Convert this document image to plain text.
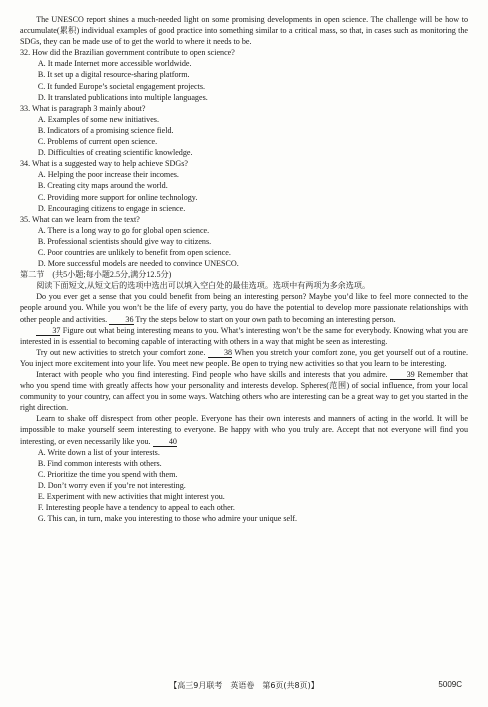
The UNESCO report shines a much-needed light on some promising developments in open science. The challenge will be how to accumulate(累积) individual examples of good practice into something similar to a critical mass, so that, in cases such as monitoring the SDGs, they can be made use of to get the world to where it needs to be.

32. How did the Brazilian government contribute to open science?

A. It made Internet more accessible worldwide.

B. It set up a digital resource-sharing platform.

C. It funded Europe’s societal engagement projects.

D. It translated publications into multiple languages.

33. What is paragraph 3 mainly about?

A. Examples of some new initiatives.

B. Indicators of a promising science field.

C. Problems of current open science.

D. Difficulties of creating scientific knowledge.

34. What is a suggested way to help achieve SDGs?

A. Helping the poor increase their incomes.

B. Creating city maps around the world.

C. Providing more support for online technology.

D. Encouraging citizens to engage in science.

35. What can we learn from the text?

A. There is a long way to go for global open science.

B. Professional scientists should give way to citizens.

C. Poor countries are unlikely to benefit from open science.

D. More successful models are needed to convince UNESCO.

第二节　(共5小题;每小题2.5分,满分12.5分)

阅读下面短文,从短文后的选项中选出可以填入空白处的最佳选项。选项中有两项为多余选项。

Do you ever get a sense that you could benefit from being an interesting person? Maybe you’d like to feel more connected to the people around you. While you won’t be the life of every party, you do have the potential to develop more passionate relationships with other people and activities. 36 Try the steps below to start on your own path to becoming an interesting person.

37 Figure out what being interesting means to you. What’s interesting won’t be the same for everybody. Knowing what you are interested in is essential to becoming capable of interacting with others in a way that might be seen as interesting.

Try out new activities to stretch your comfort zone. 38 When you stretch your comfort zone, you get yourself out of a routine. You inject more excitement into your life. You meet new people. Be open to trying new activities so that you learn to be interesting.

Interact with people who you find interesting. Find people who have skills and interests that you admire. 39 Remember that who you spend time with greatly affects how your personality and interests develop. Spheres(范围) of social influence, from your local community to your country, can affect you in some ways. Watching others who are interesting can be a great way to get you started in the right direction.

Learn to shake off disrespect from other people. Everyone has their own interests and manners of acting in the world. It will be impossible to make yourself seem interesting to everyone. Be happy with who you truly are. Accept that not everyone will find you interesting, or even necessarily like you. 40

A. Write down a list of your interests.

B. Find common interests with others.

C. Prioritize the time you spend with them.

D. Don’t worry even if you’re not interesting.

E. Experiment with new activities that might interest you.

F. Interesting people have a tendency to appeal to each other.

G. This can, in turn, make you interesting to those who admire your unique self.

【高三9月联考　英语卷　第6页(共8页)】	5009C
